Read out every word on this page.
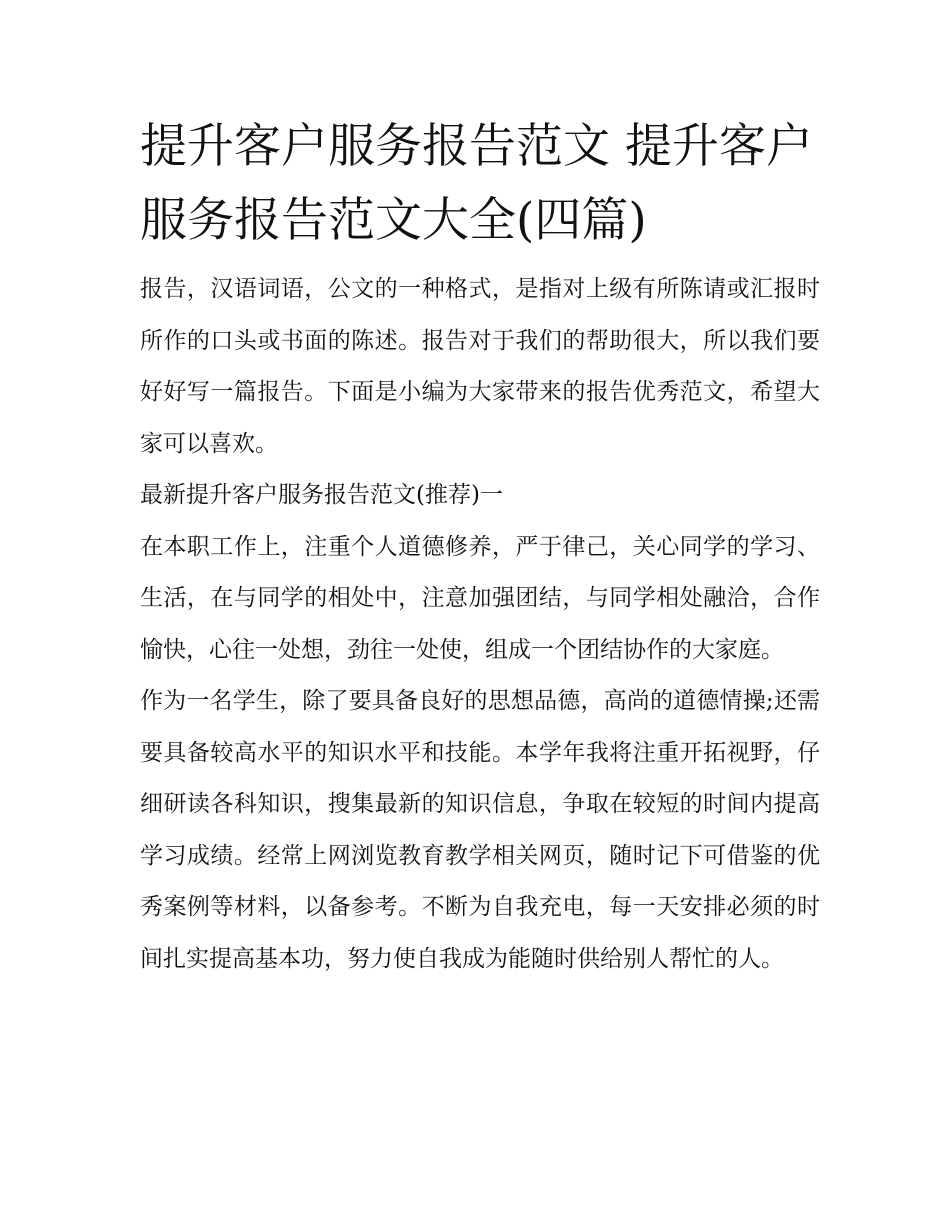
提升客户服务报告范文 提升客户服务报告范文大全(四篇)

报告，汉语词语，公文的一种格式，是指对上级有所陈请或汇报时所作的口头或书面的陈述。报告对于我们的帮助很大，所以我们要好好写一篇报告。下面是小编为大家带来的报告优秀范文，希望大家可以喜欢。

最新提升客户服务报告范文(推荐)一

在本职工作上，注重个人道德修养，严于律己，关心同学的学习、生活，在与同学的相处中，注意加强团结，与同学相处融洽，合作愉快，心往一处想，劲往一处使，组成一个团结协作的大家庭。

作为一名学生，除了要具备良好的思想品德，高尚的道德情操;还需要具备较高水平的知识水平和技能。本学年我将注重开拓视野，仔细研读各科知识，搜集最新的知识信息，争取在较短的时间内提高学习成绩。经常上网浏览教育教学相关网页，随时记下可借鉴的优秀案例等材料，以备参考。不断为自我充电，每一天安排必须的时间扎实提高基本功，努力使自我成为能随时供给别人帮忙的人。
